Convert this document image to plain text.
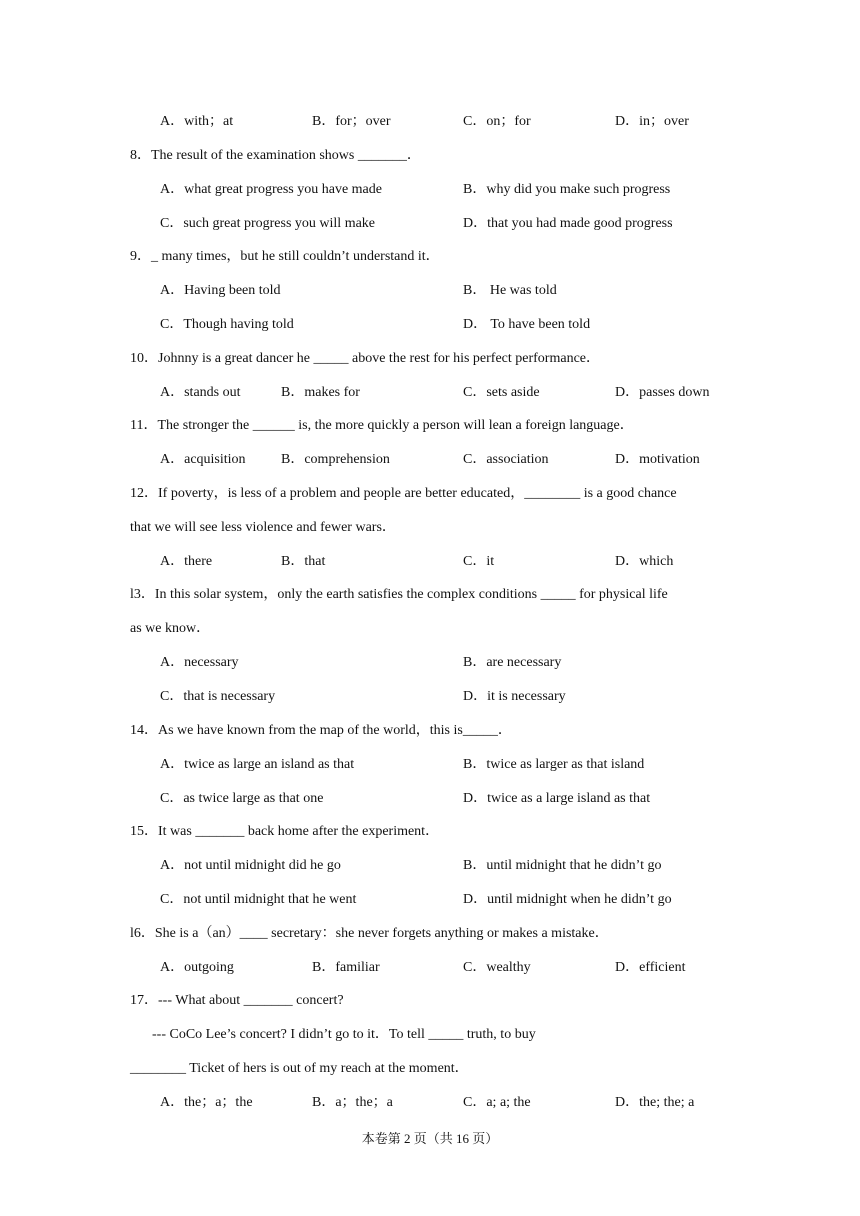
A．with；at	B．for；over	C．on；for	D．in；over
8．The result of the examination shows _______．
A．what great progress you have made	B．why did you make such progress
C．such great progress you will make	D．that you had made good progress
9．_ many times，but he still couldn’t understand it．
A．Having been told	B． He was told
C．Though having told	D． To have been told
10．Johnny is a great dancer he _____ above the rest for his perfect performance．
A．stands out	B．makes for	C．sets aside	D．passes down
11．The stronger the ______ is, the more quickly a person will lean a foreign language．
A．acquisition	B．comprehension	C．association	D．motivation
12．If poverty，is less of a problem and people are better educated，________ is a good chance
that we will see less violence and fewer wars．
A．there	B．that	C．it	D．which
l3．In this solar system，only the earth satisfies the complex conditions _____ for physical life
as we know．
A．necessary	B．are necessary
C．that is necessary	D．it is necessary
14．As we have known from the map of the world，this is_____．
A．twice as large an island as that	B．twice as larger as that island
C．as twice large as that one	D．twice as a large island as that
15．It was _______ back home after the experiment．
A．not until midnight did he go	B．until midnight that he didn’t go
C．not until midnight that he went	D．until midnight when he didn’t go
l6．She is a（an）____ secretary：she never forgets anything or makes a mistake．
A．outgoing	B．familiar	C．wealthy	D．efficient
17．--- What about _______ concert?
--- CoCo Lee’s concert? I didn’t go to it．To tell _____ truth, to buy
________ Ticket of hers is out of my reach at the moment．
A．the；a；the	B．a；the；a	C．a; a; the	D．the; the; a
本卷第 2 页（共 16 页）
